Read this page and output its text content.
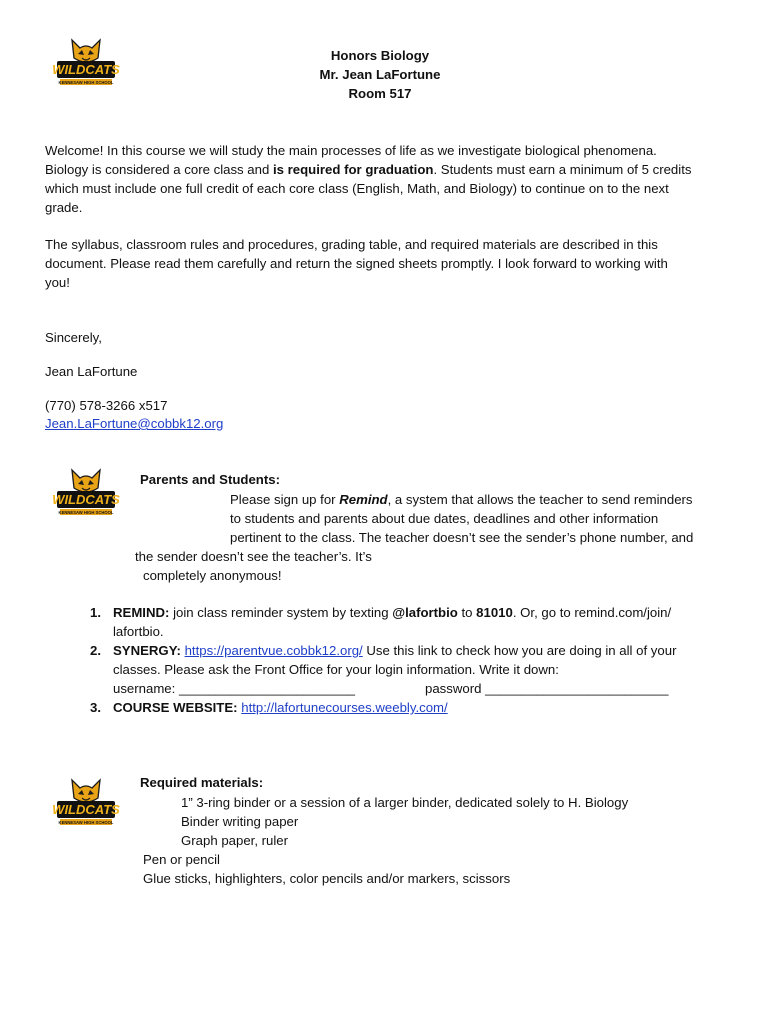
WILDCATS
KENNESAW HIGH SCHOOL
WILDCATS
KENNESAW HIGH SCHOOL
WILDCATS
KENNESAW HIGH SCHOOL
Honors Biology
Mr. Jean LaFortune
Room 517
Welcome! In this course we will study the main processes of life as we investigate biological phenomena.
Biology is considered a core class and is required for graduation. Students must earn a minimum of 5 credits
which must include one full credit of each core class (English, Math, and Biology) to continue on to the next
grade.
The syllabus, classroom rules and procedures, grading table, and required materials are described in this
document. Please read them carefully and return the signed sheets promptly. I look forward to working with
you!
Sincerely,
Jean LaFortune
(770) 578-3266 x517
Jean.LaFortune@cobbk12.org
Parents and Students:
Please sign up for Remind, a system that allows the teacher to send reminders
to students and parents about due dates, deadlines and other information
pertinent to the class. The teacher doesn’t see the sender’s phone number, and
the sender doesn’t see the teacher’s. It’s
completely anonymous!
1. REMIND: join class reminder system by texting @lafortbio to 81010. Or, go to remind.com/join/
lafortbio.
2. SYNERGY: https://parentvue.cobbk12.org/ Use this link to check how you are doing in all of your
classes. Please ask the Front Office for your login information. Write it down:
username: ________________________	password _________________________
3. COURSE WEBSITE: http://lafortunecourses.weebly.com/
Required materials:
1” 3-ring binder or a session of a larger binder, dedicated solely to H. Biology
Binder writing paper
Graph paper, ruler
Pen or pencil
Glue sticks, highlighters, color pencils and/or markers, scissors
